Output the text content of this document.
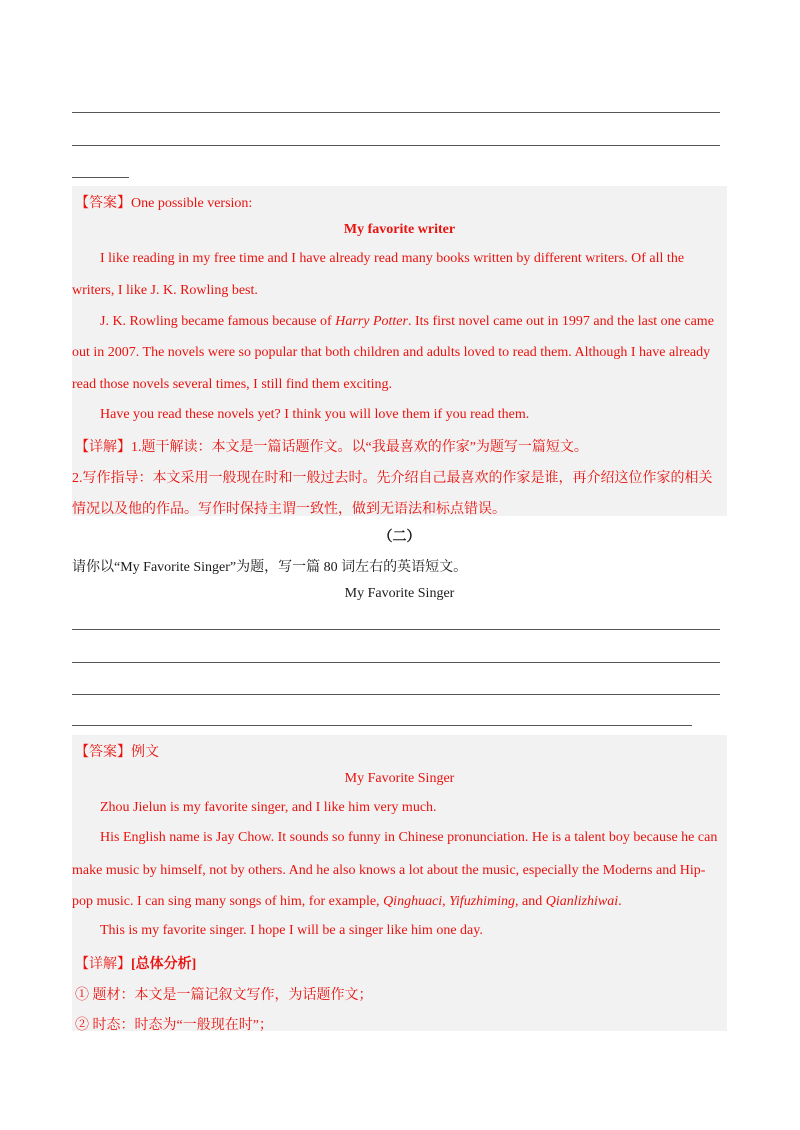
【答案】One possible version:
My favorite writer
I like reading in my free time and I have already read many books written by different writers. Of all the
writers, I like J. K. Rowling best.
J. K. Rowling became famous because of Harry Potter. Its first novel came out in 1997 and the last one came
out in 2007. The novels were so popular that both children and adults loved to read them. Although I have already
read those novels several times, I still find them exciting.
Have you read these novels yet? I think you will love them if you read them.
【详解】1.题干解读：本文是一篇话题作文。以“我最喜欢的作家”为题写一篇短文。
2.写作指导：本文采用一般现在时和一般过去时。先介绍自己最喜欢的作家是谁，再介绍这位作家的相关
情况以及他的作品。写作时保持主谓一致性，做到无语法和标点错误。
（二）
请你以“My Favorite Singer”为题，写一篇 80 词左右的英语短文。
My Favorite Singer
【答案】例文
My Favorite Singer
Zhou Jielun is my favorite singer, and I like him very much.
His English name is Jay Chow. It sounds so funny in Chinese pronunciation. He is a talent boy because he can
make music by himself, not by others. And he also knows a lot about the music, especially the Moderns and Hip-
pop music. I can sing many songs of him, for example, Qinghuaci, Yifuzhiming, and Qianlizhiwai.
This is my favorite singer. I hope I will be a singer like him one day.
【详解】[总体分析]
① 题材：本文是一篇记叙文写作，为话题作文；
② 时态：时态为“一般现在时”；
